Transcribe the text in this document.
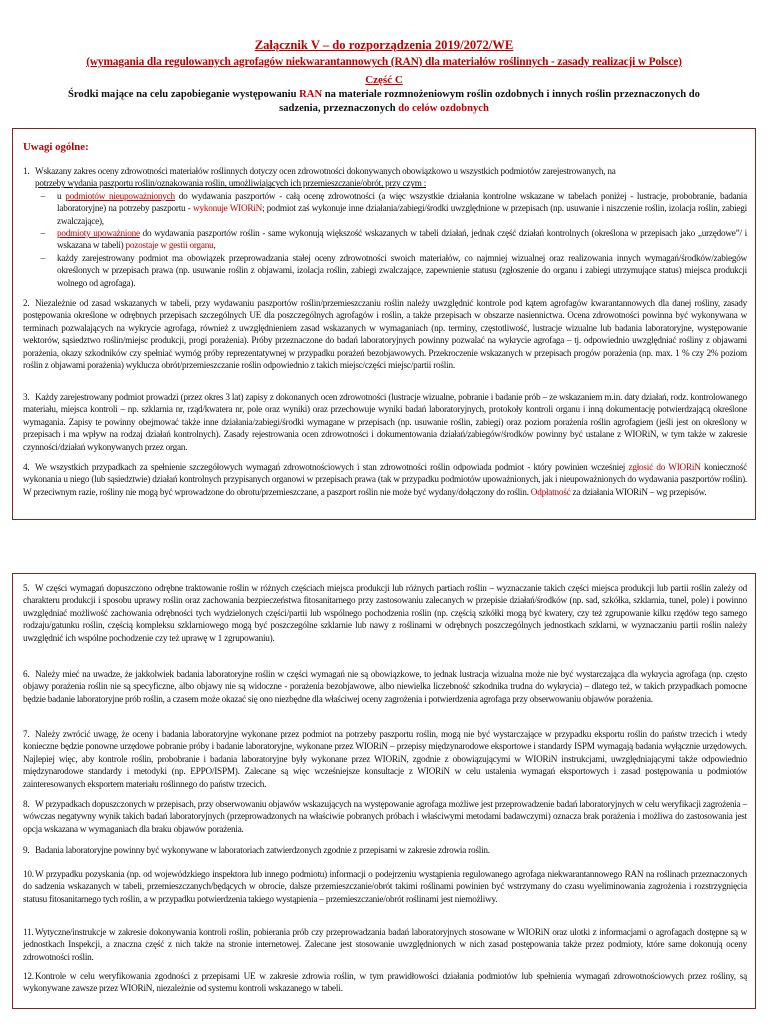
Załącznik V – do rozporządzenia 2019/2072/WE
(wymagania dla regulowanych agrofagów niekwarantannowych (RAN) dla materiałów roślinnych - zasady realizacji w Polsce)
Część C
Środki mające na celu zapobieganie występowaniu RAN na materiale rozmnożeniowym roślin ozdobnych i innych roślin przeznaczonych do
sadzenia, przeznaczonych do celów ozdobnych
Uwagi ogólne:
1. Wskazany zakres oceny zdrowotności materiałów roślinnych dotyczy ocen zdrowotności dokonywanych obowiązkowo u wszystkich podmiotów zarejestrowanych, na
potrzeby wydania paszportu roślin/oznakowania roślin, umożliwiających ich przemieszczanie/obrót, przy czym :
–	u podmiotów nieupoważnionych do wydawania paszportów - całą ocenę zdrowotności (a więc wszystkie działania kontrolne wskazane w tabelach poniżej - lustracje, probobranie, badania laboratoryjne) na potrzeby paszportu - wykonuje WIORiN; podmiot zaś wykonuje inne działania/zabiegi/środki uwzględnione w przepisach (np. usuwanie i niszczenie roślin, izolacja roślin, zabiegi zwalczające),
–	podmioty upoważnione do wydawania paszportów roślin - same wykonują większość wskazanych w tabeli działań, jednak część działań kontrolnych (określona w przepisach jako „urzędowe”/ i wskazana w tabeli) pozostaje w gestii organu,
–	każdy zarejestrowany podmiot ma obowiązek przeprowadzania stałej oceny zdrowotności swoich materiałów, co najmniej wizualnej oraz realizowania innych wymagań/środków/zabiegów określonych w przepisach prawa (np. usuwanie roślin z objawami, izolacja roślin, zabiegi zwalczające, zapewnienie statusu (zgłoszenie do organu i zabiegi utrzymujące status) miejsca produkcji wolnego od agrofaga).
2. Niezależnie od zasad wskazanych w tabeli, przy wydawaniu paszportów roślin/przemieszczaniu roślin należy uwzględnić kontrole pod kątem agrofagów kwarantannowych dla danej rośliny, zasady postępowania określone w odrębnych przepisach szczególnych UE dla poszczególnych agrofagów i roślin, a także przepisach w obszarze nasiennictwa. Ocena zdrowotności powinna być wykonywana w terminach pozwalających na wykrycie agrofaga, również z uwzględnieniem zasad wskazanych w wymaganiach (np. terminy, częstotliwość, lustracje wizualne lub badania laboratoryjne, występowanie wektorów, sąsiedztwo roślin/miejsc produkcji, progi porażenia). Próby przeznaczone do badań laboratoryjnych powinny pozwalać na wykrycie agrofaga – tj. odpowiednio uwzględniać rośliny z objawami porażenia, okazy szkodników czy spełniać wymóg próby reprezentatywnej w przypadku porażeń bezobjawowych. Przekroczenie wskazanych w przepisach progów porażenia (np. max. 1 % czy 2% poziom roślin z objawami porażenia) wyklucza obrót/przemieszczanie roślin odpowiednio z takich miejsc/części miejsc/partii roślin.
3. Każdy zarejestrowany podmiot prowadzi (przez okres 3 lat) zapisy z dokonanych ocen zdrowotności (lustracje wizualne, pobranie i badanie prób – ze wskazaniem m.in. daty działań, rodz. kontrolowanego materiału, miejsca kontroli – np. szklarnia nr, rząd/kwatera nr, pole oraz wyniki) oraz przechowuje wyniki badań laboratoryjnych, protokoły kontroli organu i inną dokumentację potwierdzającą określone wymagania. Zapisy te powinny obejmować także inne działania/zabiegi/środki wymagane w przepisach (np. usuwanie roślin, zabiegi) oraz poziom porażenia roślin agrofagiem (jeśli jest on określony w przepisach i ma wpływ na rodzaj działań kontrolnych). Zasady rejestrowania ocen zdrowotności i dokumentowania działań/zabiegów/środków powinny być ustalane z WIORiN, w tym także w zakresie czynności/działań wykonywanych przez organ.
4. We wszystkich przypadkach za spełnienie szczegółowych wymagań zdrowotnościowych i stan zdrowotności roślin odpowiada podmiot - który powinien wcześniej zgłosić do WIORiN konieczność wykonania u niego (lub sąsiedztwie) działań kontrolnych przypisanych organowi w przepisach prawa (tak w przypadku podmiotów upoważnionych, jak i nieupoważnionych do wydawania paszportów roślin). W przeciwnym razie, rośliny nie mogą być wprowadzone do obrotu/przemieszczane, a paszport roślin nie może być wydany/dołączony do roślin. Odpłatność za działania WIORiN – wg przepisów.
5. W części wymagań dopuszczono odrębne traktowanie roślin w różnych częściach miejsca produkcji lub różnych partiach roślin – wyznaczanie takich części miejsca produkcji lub partii roślin zależy od charakteru produkcji i sposobu uprawy roślin oraz zachowania bezpieczeństwa fitosanitarnego przy zastosowaniu zalecanych w przepisie działań/środków (np. sad, szkółka, szklarnia, tunel, pole) i powinno uwzględniać możliwość zachowania odrębności tych wydzielonych części/partii lub wspólnego pochodzenia roślin (np. częścią szkółki mogą być kwatery, czy też zgrupowanie kilku rzędów tego samego rodzaju/gatunku roślin, częścią kompleksu szklarniowego mogą być poszczególne szklarnie lub nawy z roślinami w odrębnych poszczególnych jednostkach szklarni, w wyznaczaniu partii roślin należy uwzględnić ich wspólne pochodzenie czy też uprawę w 1 zgrupowaniu).
6. Należy mieć na uwadze, że jakkolwiek badania laboratoryjne roślin w części wymagań nie są obowiązkowe, to jednak lustracja wizualna może nie być wystarczająca dla wykrycia agrofaga (np. często objawy porażenia roślin nie są specyficzne, albo objawy nie są widoczne - porażenia bezobjawowe, albo niewielka liczebność szkodnika trudna do wykrycia) – dlatego też, w takich przypadkach pomocne będzie badanie laboratoryjne prób roślin, a czasem może okazać się ono niezbędne dla właściwej oceny zagrożenia i potwierdzenia agrofaga przy obserwowaniu objawów porażenia.
7. Należy zwrócić uwagę, że oceny i badania laboratoryjne wykonane przez podmiot na potrzeby paszportu roślin, mogą nie być wystarczające w przypadku eksportu roślin do państw trzecich i wtedy konieczne będzie ponowne urzędowe pobranie próby i badanie laboratoryjne, wykonane przez WIORiN – przepisy międzynarodowe eksportowe i standardy ISPM wymagają badania wyłącznie urzędowych. Najlepiej więc, aby kontrole roślin, probobranie i badania laboratoryjne były wykonane przez WIORiN, zgodnie z obowiązującymi w WIORiN instrukcjami, uwzględniającymi także odpowiednio międzynarodowe standardy i metodyki (np. EPPO/ISPM). Zalecane są więc wcześniejsze konsultacje z WIORiN w celu ustalenia wymagań eksportowych i zasad postępowania u podmiotów zainteresowanych eksportem materiału roślinnego do państw trzecich.
8. W przypadkach dopuszczonych w przepisach, przy obserwowaniu objawów wskazujących na występowanie agrofaga możliwe jest przeprowadzenie badań laboratoryjnych w celu weryfikacji zagrożenia – wówczas negatywny wynik takich badań laboratoryjnych (przeprowadzonych na właściwie pobranych próbach i właściwymi metodami badawczymi) oznacza brak porażenia i możliwa do zastosowania jest opcja wskazana w wymaganiach dla braku objawów porażenia.
9. Badania laboratoryjne powinny być wykonywane w laboratoriach zatwierdzonych zgodnie z przepisami w zakresie zdrowia roślin.
10.W przypadku pozyskania (np. od wojewódzkiego inspektora lub innego podmiotu) informacji o podejrzeniu wystąpienia regulowanego agrofaga niekwarantannowego RAN na roślinach przeznaczonych do sadzenia wskazanych w tabeli, przemieszczanych/będących w obrocie, dalsze przemieszczanie/obrót takimi roślinami powinien być wstrzymany do czasu wyeliminowania zagrożenia i rozstrzygnięcia statusu fitosanitarnego tych roślin, a w przypadku potwierdzenia takiego wystąpienia – przemieszczanie/obrót roślinami jest niemożliwy.
11. Wytyczne/instrukcje w zakresie dokonywania kontroli roślin, pobierania prób czy przeprowadzania badań laboratoryjnych stosowane w WIORiN oraz ulotki z informacjami o agrofagach dostępne są w jednostkach Inspekcji, a znaczna część z nich także na stronie internetowej. Zalecane jest stosowanie uwzględnionych w nich zasad postępowania także przez podmioty, które same dokonują oceny zdrowotności roślin.
12.Kontrole w celu weryfikowania zgodności z przepisami UE w zakresie zdrowia roślin, w tym prawidłowości działania podmiotów lub spełnienia wymagań zdrowotnościowych przez rośliny, są wykonywane zawsze przez WIORiN, niezależnie od systemu kontroli wskazanego w tabeli.
